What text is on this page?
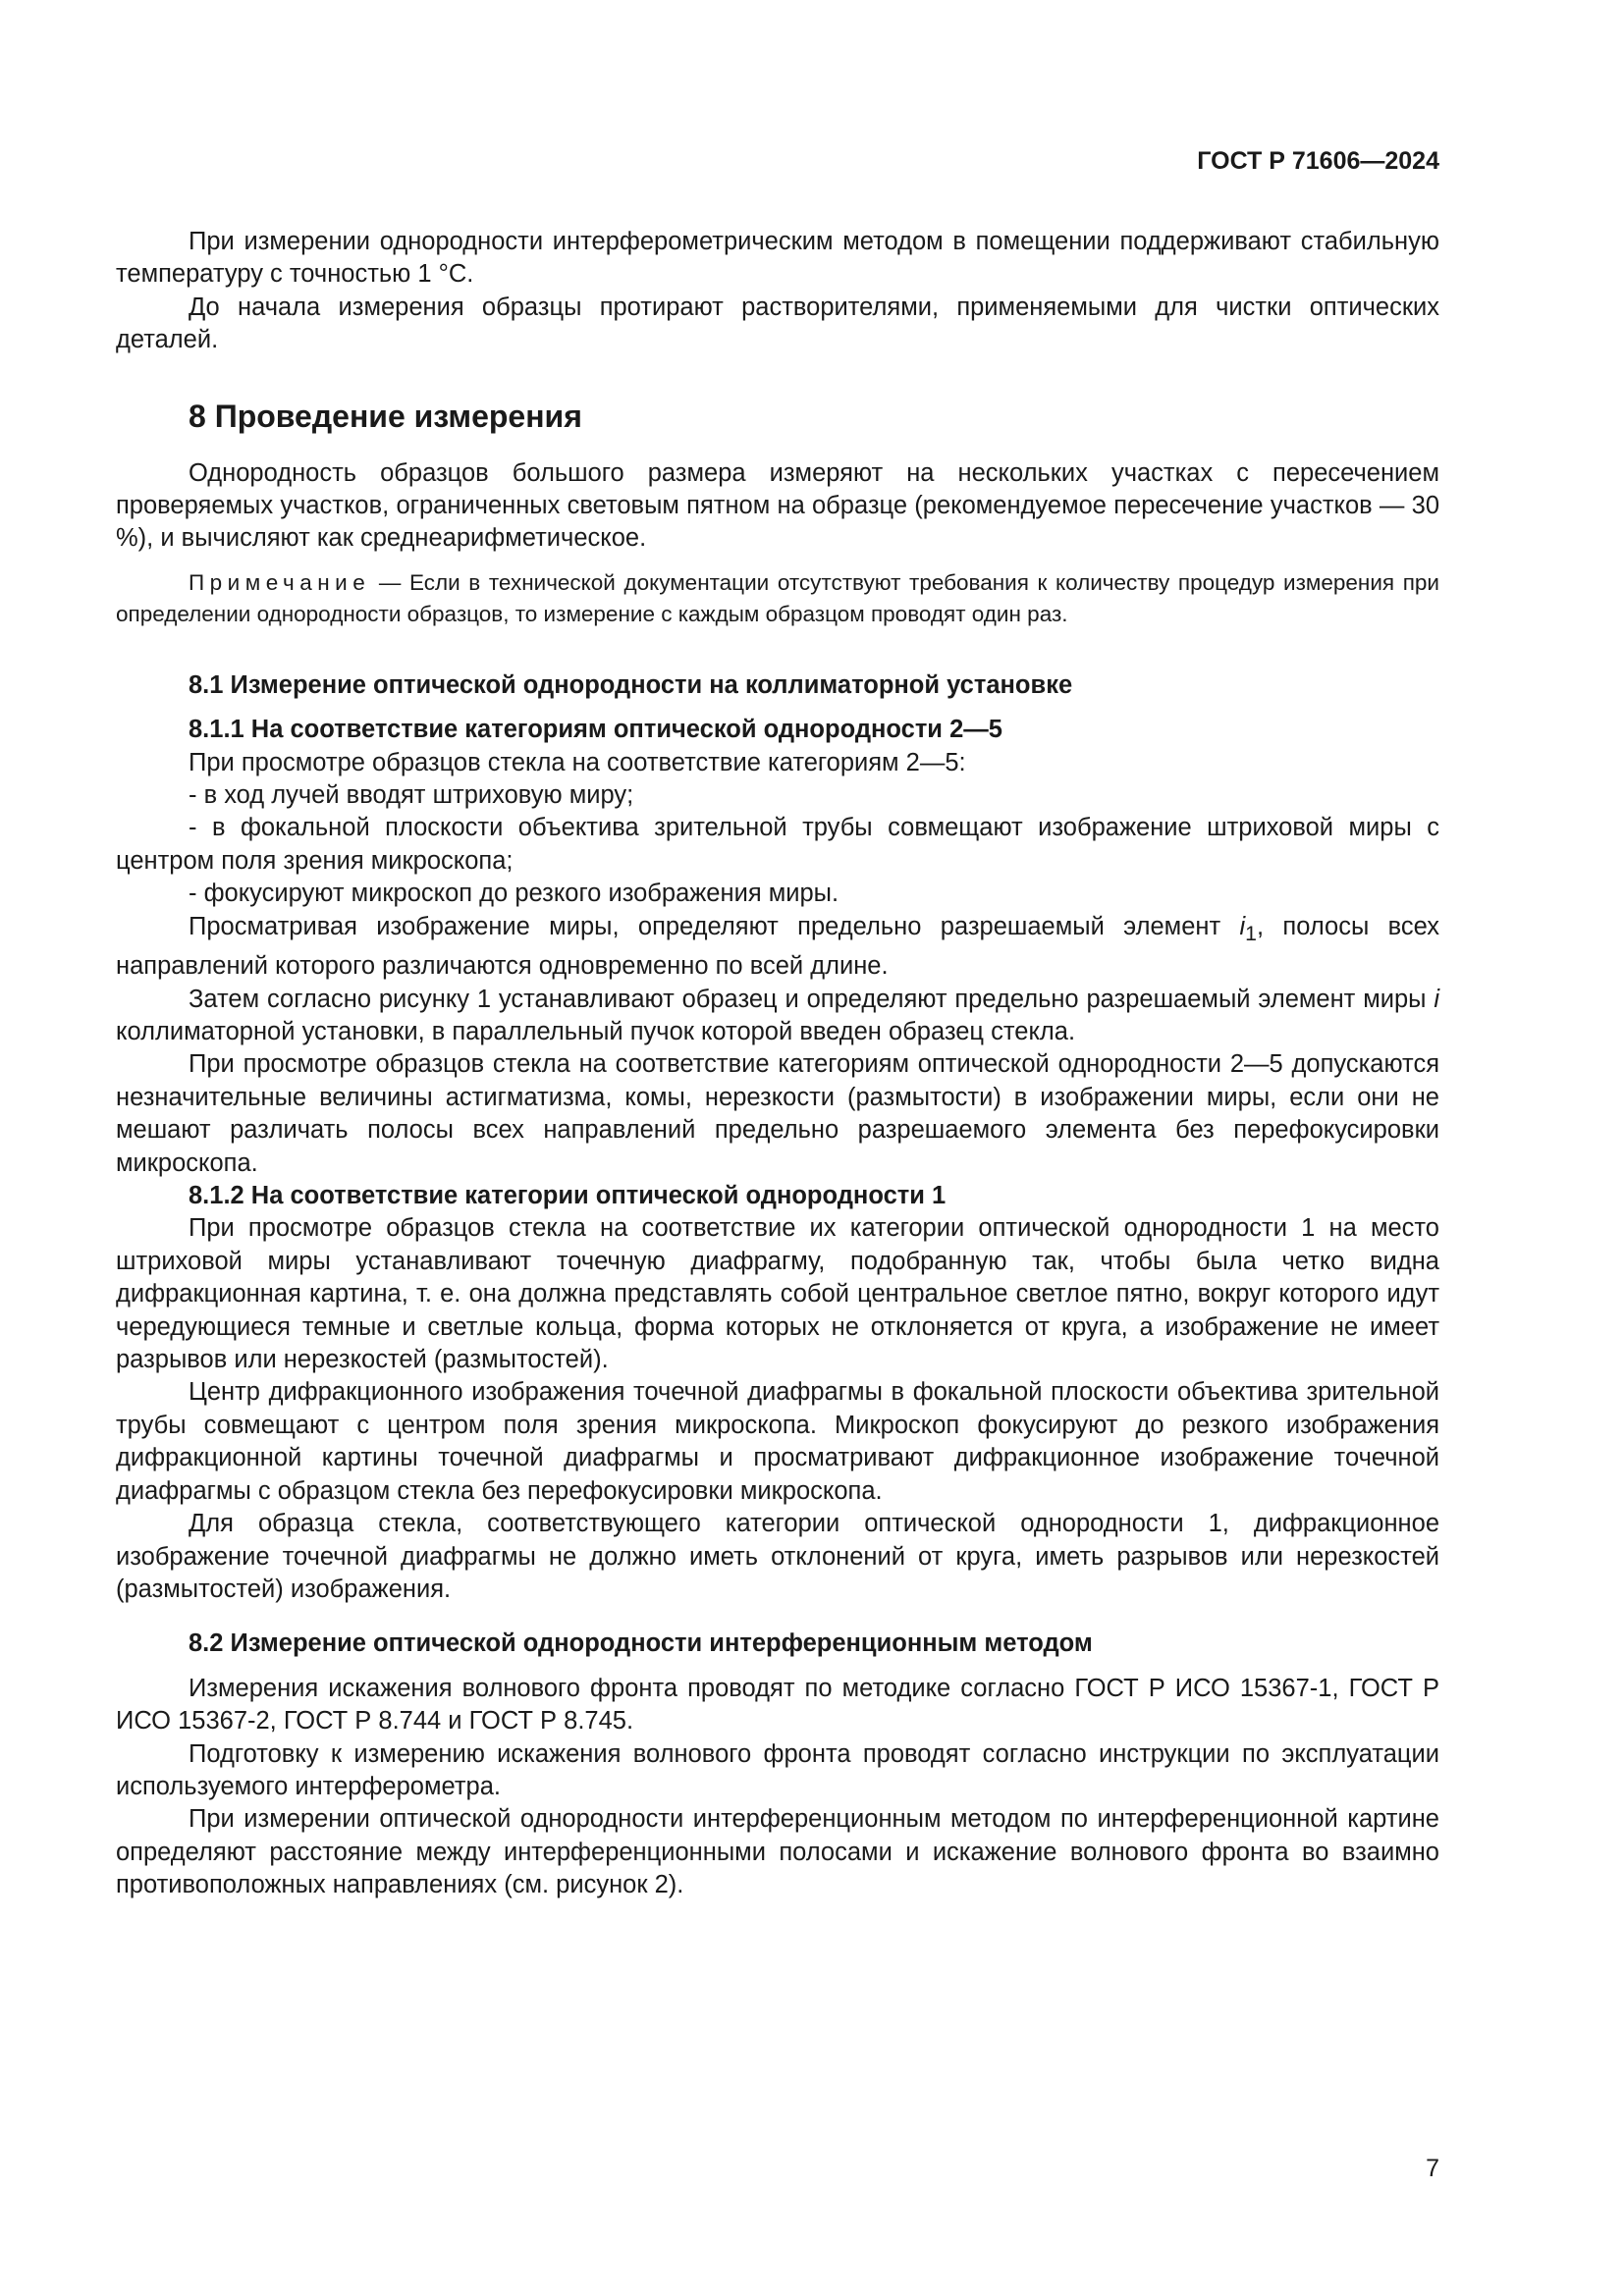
ГОСТ Р 71606—2024

При измерении однородности интерферометрическим методом в помещении поддерживают стабильную температуру с точностью 1 °С.

До начала измерения образцы протирают растворителями, применяемыми для чистки оптических деталей.

8 Проведение измерения

Однородность образцов большого размера измеряют на нескольких участках с пересечением проверяемых участков, ограниченных световым пятном на образце (рекомендуемое пересечение участков — 30 %), и вычисляют как среднеарифметическое.

Примечание — Если в технической документации отсутствуют требования к количеству процедур измерения при определении однородности образцов, то измерение с каждым образцом проводят один раз.

8.1 Измерение оптической однородности на коллиматорной установке
8.1.1 На соответствие категориям оптической однородности 2—5

При просмотре образцов стекла на соответствие категориям 2—5:

- в ход лучей вводят штриховую миру;

- в фокальной плоскости объектива зрительной трубы совмещают изображение штриховой миры с центром поля зрения микроскопа;

- фокусируют микроскоп до резкого изображения миры.

Просматривая изображение миры, определяют предельно разрешаемый элемент $i_1$, полосы всех направлений которого различаются одновременно по всей длине.

Затем согласно рисунку 1 устанавливают образец и определяют предельно разрешаемый элемент миры i коллиматорной установки, в параллельный пучок которой введен образец стекла.

При просмотре образцов стекла на соответствие категориям оптической однородности 2—5 допускаются незначительные величины астигматизма, комы, нерезкости (размытости) в изображении миры, если они не мешают различать полосы всех направлений предельно разрешаемого элемента без перефокусировки микроскопа.

8.1.2 На соответствие категории оптической однородности 1

При просмотре образцов стекла на соответствие их категории оптической однородности 1 на место штриховой миры устанавливают точечную диафрагму, подобранную так, чтобы была четко видна дифракционная картина, т. е. она должна представлять собой центральное светлое пятно, вокруг которого идут чередующиеся темные и светлые кольца, форма которых не отклоняется от круга, а изображение не имеет разрывов или нерезкостей (размытостей).

Центр дифракционного изображения точечной диафрагмы в фокальной плоскости объектива зрительной трубы совмещают с центром поля зрения микроскопа. Микроскоп фокусируют до резкого изображения дифракционной картины точечной диафрагмы и просматривают дифракционное изображение точечной диафрагмы с образцом стекла без перефокусировки микроскопа.

Для образца стекла, соответствующего категории оптической однородности 1, дифракционное изображение точечной диафрагмы не должно иметь отклонений от круга, иметь разрывов или нерезкостей (размытостей) изображения.

8.2 Измерение оптической однородности интерференционным методом

Измерения искажения волнового фронта проводят по методике согласно ГОСТ Р ИСО 15367-1, ГОСТ Р ИСО 15367-2, ГОСТ Р 8.744 и ГОСТ Р 8.745.

Подготовку к измерению искажения волнового фронта проводят согласно инструкции по эксплуатации используемого интерферометра.

При измерении оптической однородности интерференционным методом по интерференционной картине определяют расстояние между интерференционными полосами и искажение волнового фронта во взаимно противоположных направлениях (см. рисунок 2).

7
